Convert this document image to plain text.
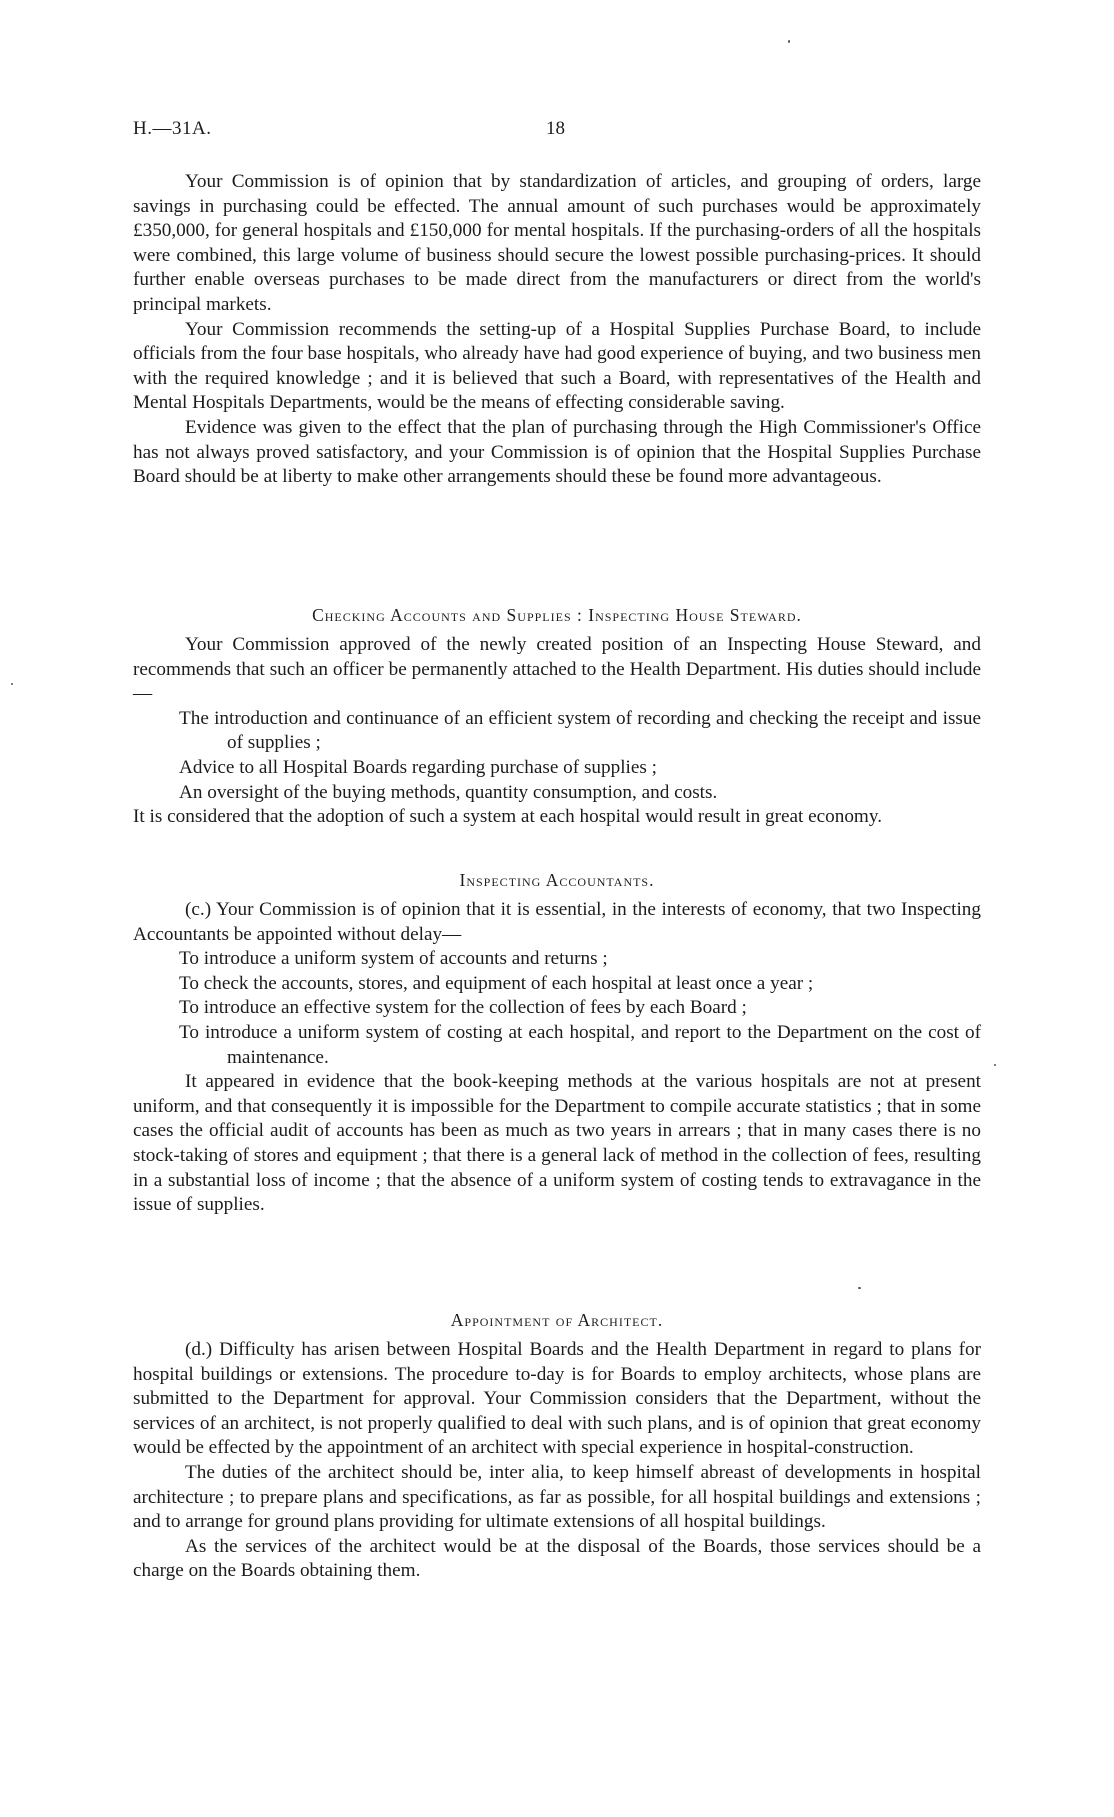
H.—31A.	18

Your Commission is of opinion that by standardization of articles, and grouping of orders, large savings in purchasing could be effected. The annual amount of such purchases would be approximately £350,000, for general hospitals and £150,000 for mental hospitals. If the purchasing-orders of all the hospitals were combined, this large volume of business should secure the lowest possible purchasing-prices. It should further enable overseas purchases to be made direct from the manufacturers or direct from the world's principal markets.

Your Commission recommends the setting-up of a Hospital Supplies Purchase Board, to include officials from the four base hospitals, who already have had good experience of buying, and two business men with the required knowledge ; and it is believed that such a Board, with representatives of the Health and Mental Hospitals Departments, would be the means of effecting considerable saving.

Evidence was given to the effect that the plan of purchasing through the High Commissioner's Office has not always proved satisfactory, and your Commission is of opinion that the Hospital Supplies Purchase Board should be at liberty to make other arrangements should these be found more advantageous.

Checking Accounts and Supplies : Inspecting House Steward.

Your Commission approved of the newly created position of an Inspecting House Steward, and recommends that such an officer be permanently attached to the Health Department. His duties should include—

The introduction and continuance of an efficient system of recording and checking the receipt and issue of supplies ;
Advice to all Hospital Boards regarding purchase of supplies ;
An oversight of the buying methods, quantity consumption, and costs.

It is considered that the adoption of such a system at each hospital would result in great economy.

Inspecting Accountants.

(c.) Your Commission is of opinion that it is essential, in the interests of economy, that two Inspecting Accountants be appointed without delay—

To introduce a uniform system of accounts and returns ;
To check the accounts, stores, and equipment of each hospital at least once a year ;
To introduce an effective system for the collection of fees by each Board ;
To introduce a uniform system of costing at each hospital, and report to the Department on the cost of maintenance.

It appeared in evidence that the book-keeping methods at the various hospitals are not at present uniform, and that consequently it is impossible for the Department to compile accurate statistics ; that in some cases the official audit of accounts has been as much as two years in arrears ; that in many cases there is no stock-taking of stores and equipment ; that there is a general lack of method in the collection of fees, resulting in a substantial loss of income ; that the absence of a uniform system of costing tends to extravagance in the issue of supplies.

Appointment of Architect.

(d.) Difficulty has arisen between Hospital Boards and the Health Department in regard to plans for hospital buildings or extensions. The procedure to-day is for Boards to employ architects, whose plans are submitted to the Department for approval. Your Commission considers that the Department, without the services of an architect, is not properly qualified to deal with such plans, and is of opinion that great economy would be effected by the appointment of an architect with special experience in hospital-construction.

The duties of the architect should be, inter alia, to keep himself abreast of developments in hospital architecture ; to prepare plans and specifications, as far as possible, for all hospital buildings and extensions ; and to arrange for ground plans providing for ultimate extensions of all hospital buildings.

As the services of the architect would be at the disposal of the Boards, those services should be a charge on the Boards obtaining them.
